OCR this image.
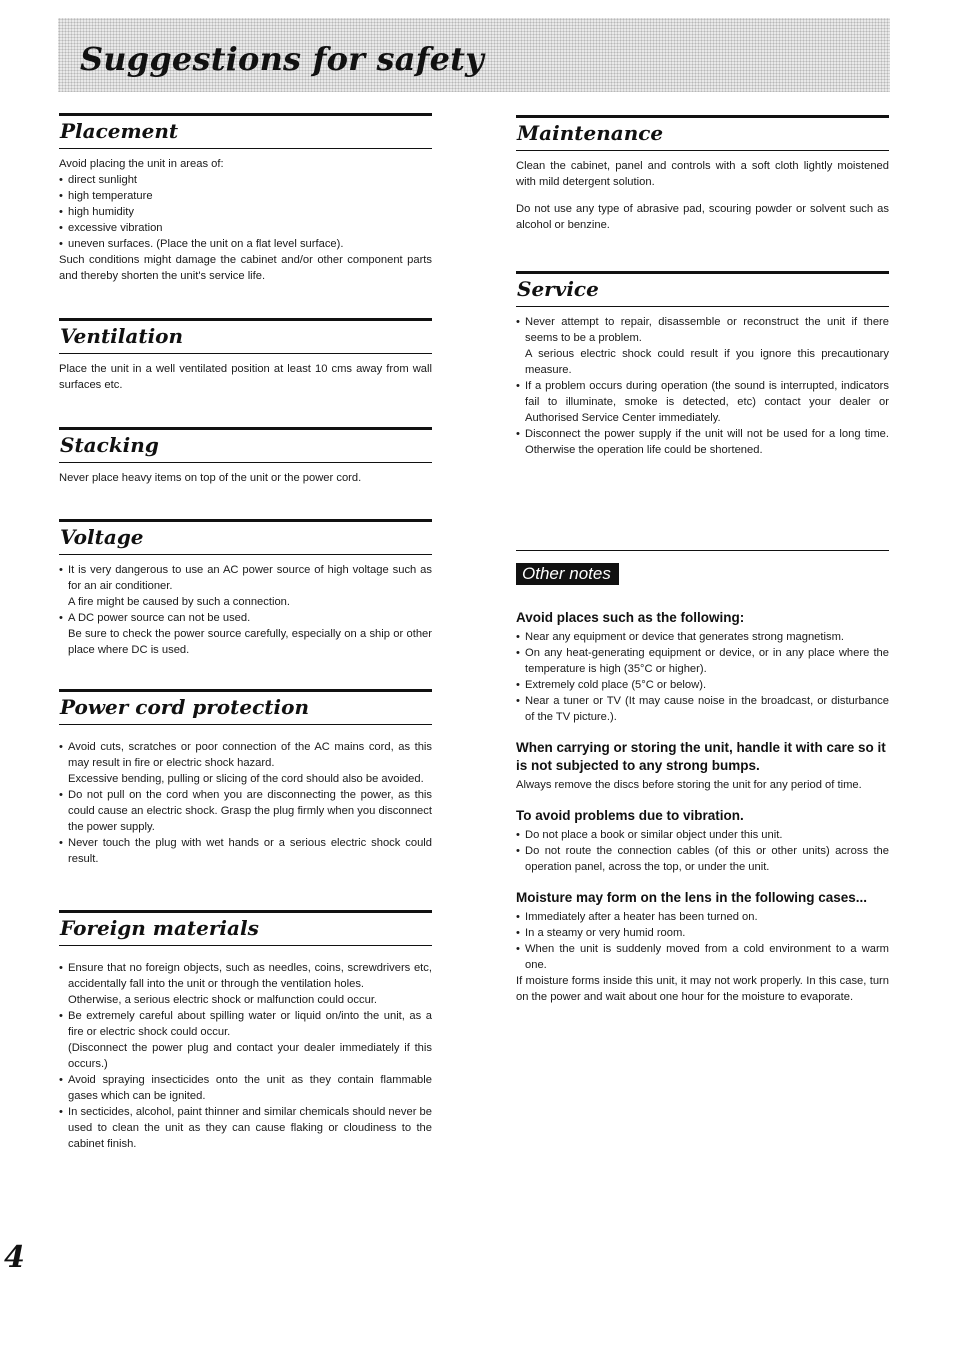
Suggestions for safety
Placement

Avoid placing the unit in areas of:

• direct sunlight
• high temperature
• high humidity
• excessive vibration
• uneven surfaces. (Place the unit on a flat level surface).

Such conditions might damage the cabinet and/or other component parts and thereby shorten the unit's service life.

Ventilation

Place the unit in a well ventilated position at least 10 cms away from wall surfaces etc.

Stacking

Never place heavy items on top of the unit or the power cord.

Voltage
• It is very dangerous to use an AC power source of high voltage such as for an air conditioner.
A fire might be caused by such a connection.
• A DC power source can not be used.
Be sure to check the power source carefully, especially on a ship or other place where DC is used.
Power cord protection
• Avoid cuts, scratches or poor connection of the AC mains cord, as this may result in fire or electric shock hazard.
Excessive bending, pulling or slicing of the cord should also be avoided.
• Do not pull on the cord when you are disconnecting the power, as this could cause an electric shock. Grasp the plug firmly when you disconnect the power supply.
• Never touch the plug with wet hands or a serious electric shock could result.
Foreign materials
• Ensure that no foreign objects, such as needles, coins, screwdrivers etc, accidentally fall into the unit or through the ventilation holes.
Otherwise, a serious electric shock or malfunction could occur.
• Be extremely careful about spilling water or liquid on/into the unit, as a fire or electric shock could occur.
(Disconnect the power plug and contact your dealer immediately if this occurs.)
• Avoid spraying insecticides onto the unit as they contain flammable gases which can be ignited.
• In secticides, alcohol, paint thinner and similar chemicals should never be used to clean the unit as they can cause flaking or cloudiness to the cabinet finish.
Maintenance

Clean the cabinet, panel and controls with a soft cloth lightly moistened with mild detergent solution.

Do not use any type of abrasive pad, scouring powder or solvent such as alcohol or benzine.

Service
• Never attempt to repair, disassemble or reconstruct the unit if there seems to be a problem.
A serious electric shock could result if you ignore this precautionary measure.
• If a problem occurs during operation (the sound is interrupted, indicators fail to illuminate, smoke is detected, etc) contact your dealer or Authorised Service Center immediately.
• Disconnect the power supply if the unit will not be used for a long time. Otherwise the operation life could be shortened.
Other notes

Avoid places such as the following:

• Near any equipment or device that generates strong magnetism.
• On any heat-generating equipment or device, or in any place where the temperature is high (35°C or higher).
• Extremely cold place (5°C or below).
• Near a tuner or TV (It may cause noise in the broadcast, or disturbance of the TV picture.).

When carrying or storing the unit, handle it with care so it is not subjected to any strong bumps.

Always remove the discs before storing the unit for any period of time.

To avoid problems due to vibration.

• Do not place a book or similar object under this unit.
• Do not route the connection cables (of this or other units) across the operation panel, across the top, or under the unit.

Moisture may form on the lens in the following cases...

• Immediately after a heater has been turned on.
• In a steamy or very humid room.
• When the unit is suddenly moved from a cold environment to a warm one.

If moisture forms inside this unit, it may not work properly. In this case, turn on the power and wait about one hour for the moisture to evaporate.

4
